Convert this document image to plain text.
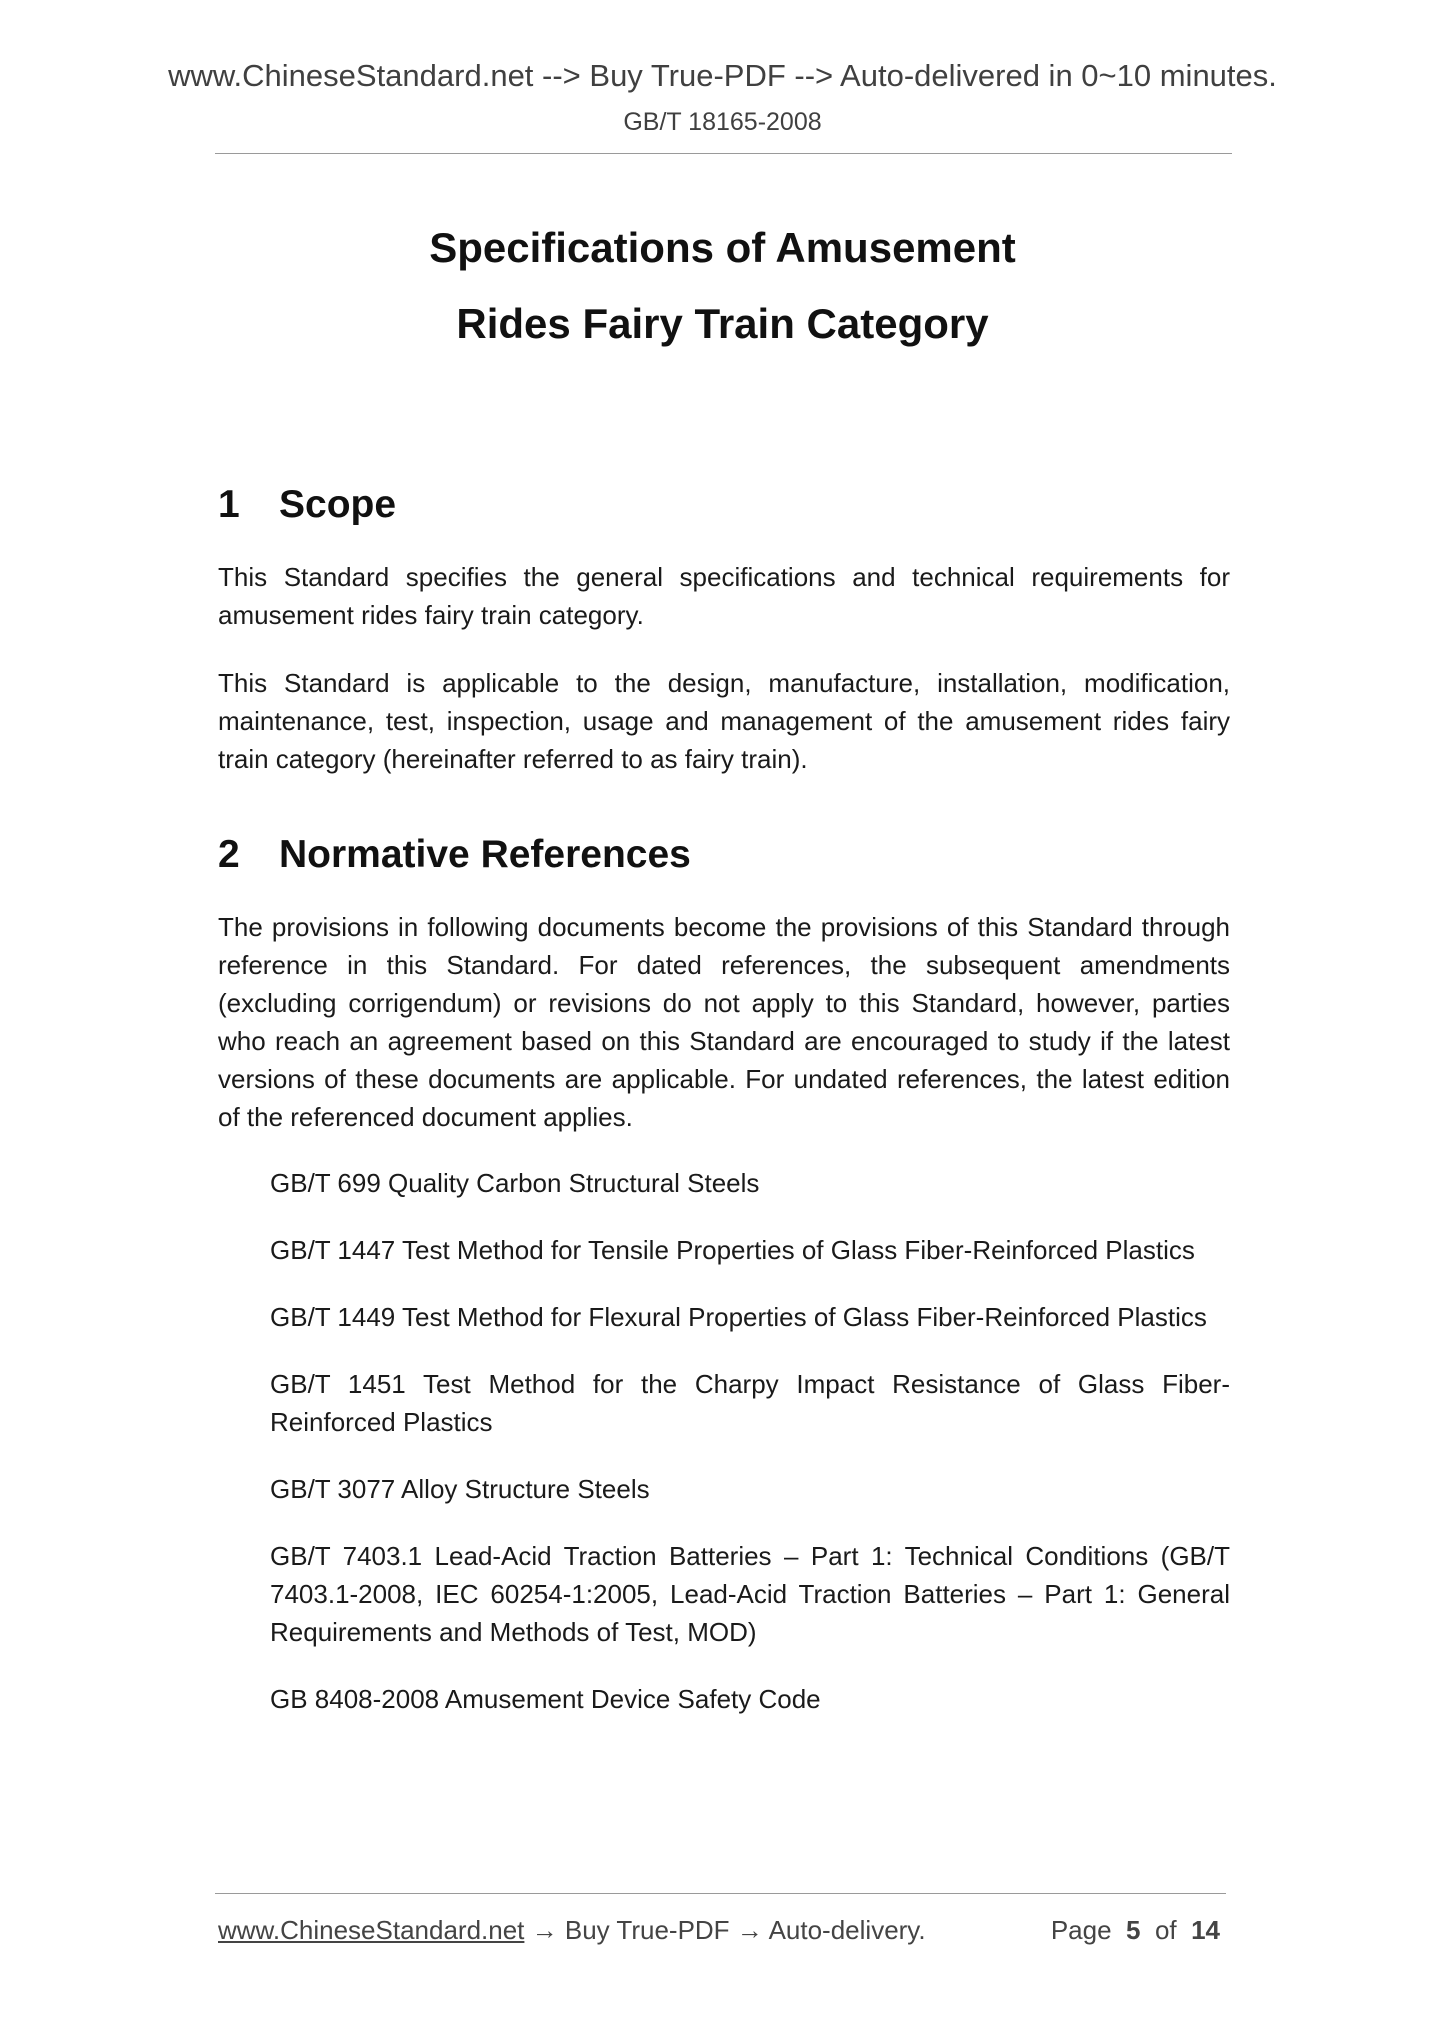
www.ChineseStandard.net --> Buy True-PDF --> Auto-delivered in 0~10 minutes.
GB/T 18165-2008
Specifications of Amusement
Rides Fairy Train Category
1 Scope

This Standard specifies the general specifications and technical requirements for amusement rides fairy train category.

This Standard is applicable to the design, manufacture, installation, modification, maintenance, test, inspection, usage and management of the amusement rides fairy train category (hereinafter referred to as fairy train).

2 Normative References

The provisions in following documents become the provisions of this Standard through reference in this Standard. For dated references, the subsequent amendments (excluding corrigendum) or revisions do not apply to this Standard, however, parties who reach an agreement based on this Standard are encouraged to study if the latest versions of these documents are applicable. For undated references, the latest edition of the referenced document applies.

GB/T 699 Quality Carbon Structural Steels
GB/T 1447 Test Method for Tensile Properties of Glass Fiber-Reinforced Plastics
GB/T 1449 Test Method for Flexural Properties of Glass Fiber-Reinforced Plastics
GB/T 1451 Test Method for the Charpy Impact Resistance of Glass Fiber-Reinforced Plastics
GB/T 3077 Alloy Structure Steels
GB/T 7403.1 Lead-Acid Traction Batteries – Part 1: Technical Conditions (GB/T 7403.1-2008, IEC 60254-1:2005, Lead-Acid Traction Batteries – Part 1: General Requirements and Methods of Test, MOD)
GB 8408-2008 Amusement Device Safety Code
www.ChineseStandard.net → Buy True-PDF → Auto-delivery.	Page 5 of 14
